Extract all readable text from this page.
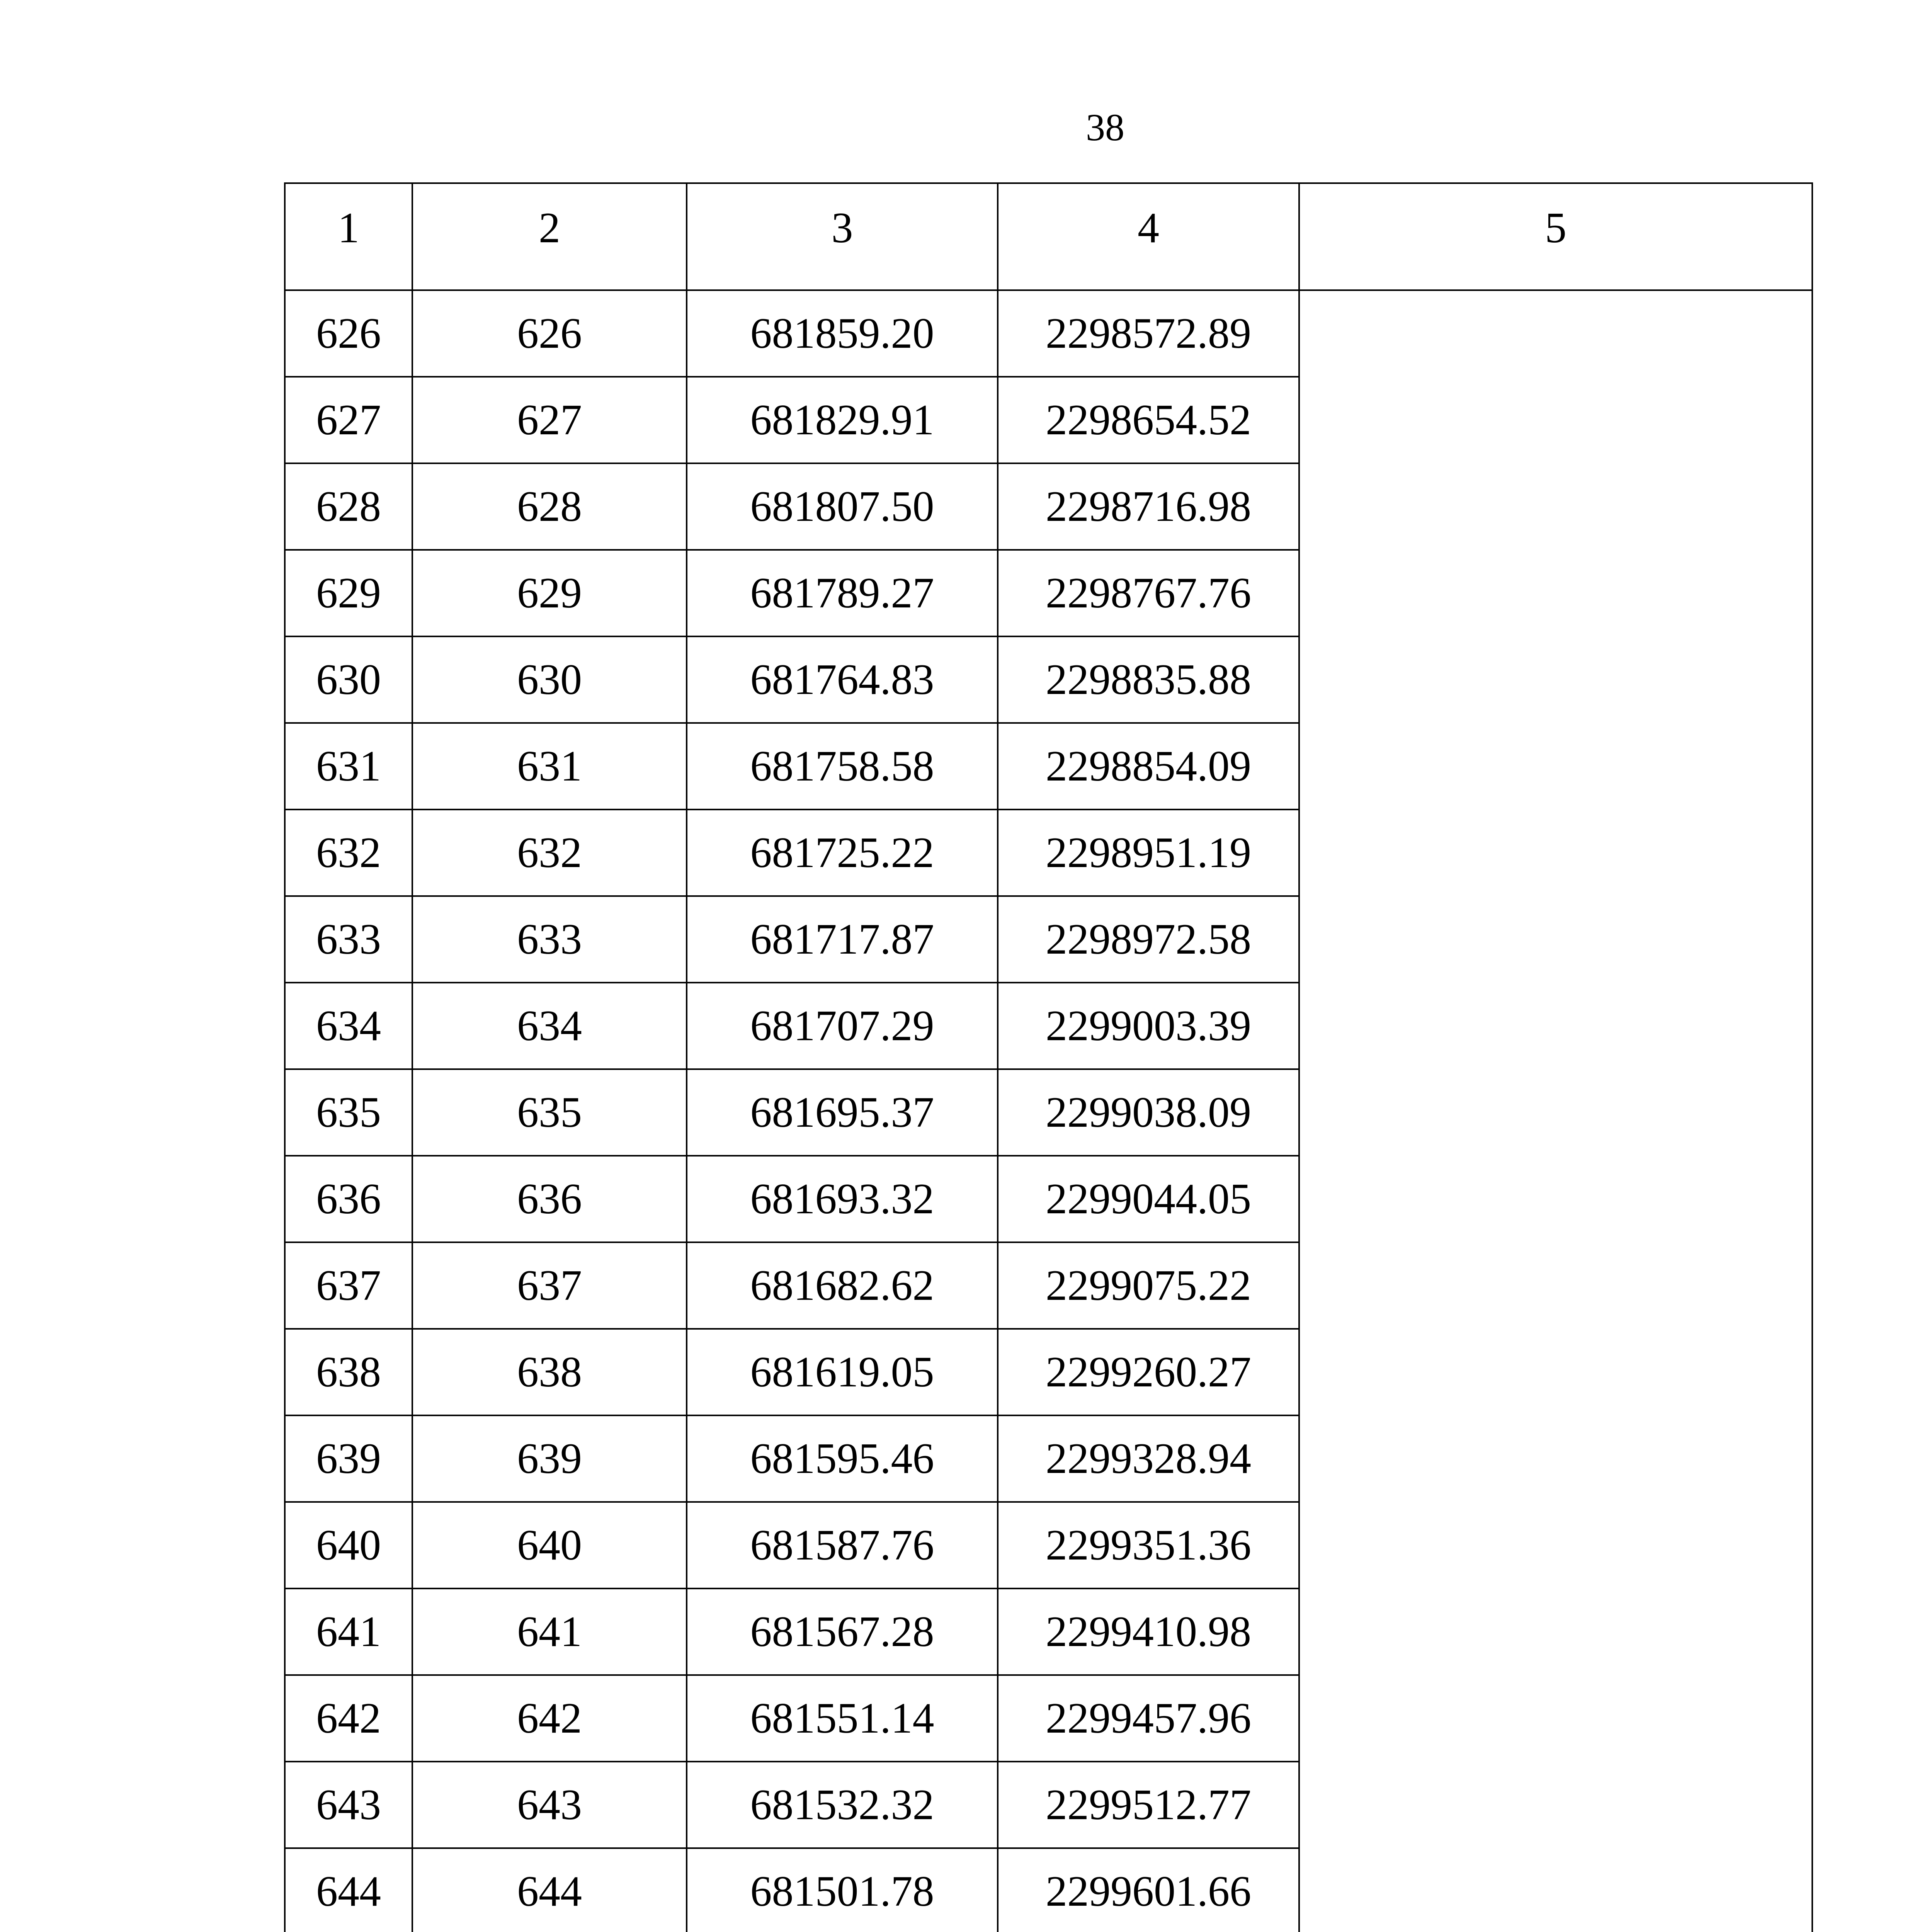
38
1	2	3	4	5
626	626	681859.20	2298572.89	
627	627	681829.91	2298654.52	
628	628	681807.50	2298716.98	
629	629	681789.27	2298767.76	
630	630	681764.83	2298835.88	
631	631	681758.58	2298854.09	
632	632	681725.22	2298951.19	
633	633	681717.87	2298972.58	
634	634	681707.29	2299003.39	
635	635	681695.37	2299038.09	
636	636	681693.32	2299044.05	
637	637	681682.62	2299075.22	
638	638	681619.05	2299260.27	
639	639	681595.46	2299328.94	
640	640	681587.76	2299351.36	
641	641	681567.28	2299410.98	
642	642	681551.14	2299457.96	
643	643	681532.32	2299512.77	
644	644	681501.78	2299601.66	
